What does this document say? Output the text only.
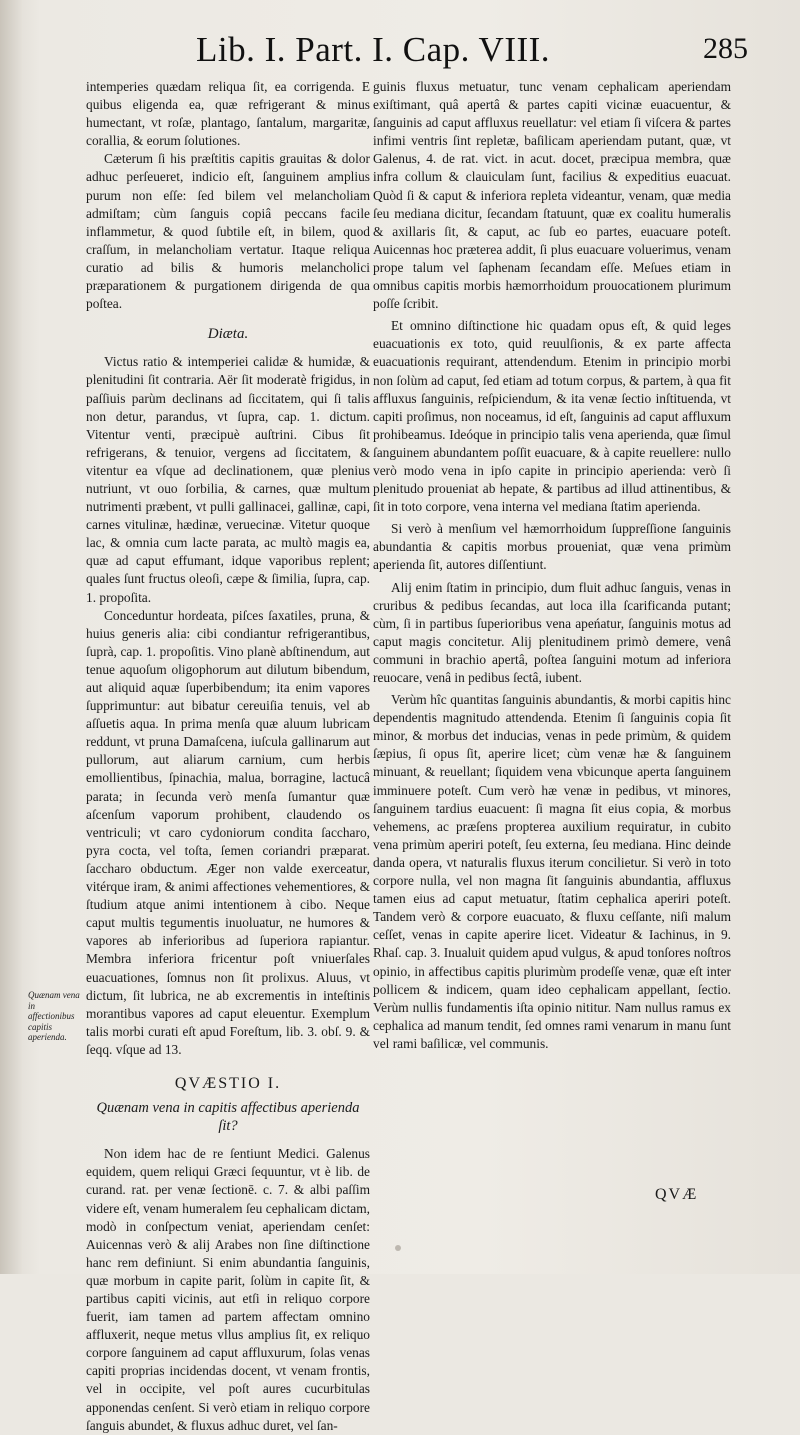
Lib. I. Part. I. Cap. VIII.	285

intemperies quædam reliqua ſit, ea corrigenda. E quibus eligenda ea, quæ refrigerant & minus humectant, vt roſæ, plantago, ſantalum, margaritæ, corallia, & eorum ſolutiones.

Cæterum ſi his præſtitis capitis grauitas & dolor adhuc perſeueret, indicio eſt, ſanguinem amplius purum non eſſe: ſed bilem vel melancholiam admiſtam; cùm ſanguis copiâ peccans facile inflammetur, & quod ſubtile eſt, in bilem, quod craſſum, in melancholiam vertatur. Itaque reliqua curatio ad bilis & humoris melancholici præparationem & purgationem dirigenda de qua poſtea.

Diæta.

Victus ratio & intemperiei calidæ & humidæ, & plenitudini ſit contraria. Aër ſit moderatè frigidus, in paſſiuis parùm declinans ad ſiccitatem, qui ſi talis non detur, parandus, vt ſupra, cap. 1. dictum. Vitentur venti, præcipuè auſtrini. Cibus ſit refrigerans, & tenuior, vergens ad ſiccitatem, & vitentur ea vſque ad declinationem, quæ plenius nutriunt, vt ouo ſorbilia, & carnes, quæ multum nutrimenti præbent, vt pulli gallinacei, gallinæ, capi, carnes vitulinæ, hædinæ, veruecinæ. Vitetur quoque lac, & omnia cum lacte parata, ac multò magis ea, quæ ad caput effumant, idque vaporibus replent; quales ſunt fructus oleoſi, cæpe & ſimilia, ſupra, cap. 1. propoſita.

Conceduntur hordeata, piſces ſaxatiles, pruna, & huius generis alia: cibi condiantur refrigerantibus, ſuprà, cap. 1. propoſitis. Vino planè abſtinendum, aut tenue aquoſum oligophorum aut dilutum bibendum, aut aliquid aquæ ſuperbibendum; ita enim vapores ſupprimuntur: aut bibatur cereuiſia tenuis, vel ab aſſuetis aqua. In prima menſa quæ aluum lubricam reddunt, vt pruna Damaſcena, iuſcula gallinarum aut pullorum, aut aliarum carnium, cum herbis emollientibus, ſpinachia, malua, borragine, lactucâ parata; in ſecunda verò menſa ſumantur quæ aſcenſum vaporum prohibent, claudendo os ventriculi; vt caro cydoniorum condita ſaccharo, pyra cocta, vel toſta, ſemen coriandri præparat. ſaccharo obductum. Æger non valde exerceatur, vitérque iram, & animi affectiones vehementiores, & ſtudium atque animi intentionem à cibo. Neque caput multis tegumentis inuoluatur, ne humores & vapores ab inferioribus ad ſuperiora rapiantur. Membra inferiora fricentur poſt vniuerſales euacuationes, ſomnus non ſit prolixus. Aluus, vt dictum, ſit lubrica, ne ab excrementis in inteſtinis morantibus vapores ad caput eleuentur. Exemplum talis morbi curati eſt apud Foreſtum, lib. 3. obſ. 9. & ſeqq. vſque ad 13.

QVÆSTIO I.

Quænam vena in capitis affectibus aperienda ſit?

Non idem hac de re ſentiunt Medici. Galenus equidem, quem reliqui Græci ſequuntur, vt è lib. de curand. rat. per venæ ſectionē. c. 7. & albi paſſim videre eſt, venam humeralem ſeu cephalicam dictam, modò in conſpectum veniat, aperiendam cenſet: Auicennas verò & alij Arabes non ſine diſtinctione hanc rem definiunt. Si enim abundantia ſanguinis, quæ morbum in capite parit, ſolùm in capite ſit, & partibus capiti vicinis, aut etſi in reliquo corpore fuerit, iam tamen ad partem affectam omnino affluxerit, neque metus vllus amplius ſit, ex reliquo corpore ſanguinem ad caput affluxurum, ſolas venas capiti proprias incidendas docent, vt venam frontis, vel in occipite, vel poſt aures cucurbitulas apponendas cenſent. Si verò etiam in reliquo corpore ſanguis abundet, & fluxus adhuc duret, vel ſan-

Quænam vena in affectionibus capitis aperienda.

guinis fluxus metuatur, tunc venam cephalicam aperiendam exiſtimant, quâ apertâ & partes capiti vicinæ euacuentur, & ſanguinis ad caput affluxus reuellatur: vel etiam ſi viſcera & partes infimi ventris ſint repletæ, baſilicam aperiendam putant, quæ, vt Galenus, 4. de rat. vict. in acut. docet, præcipua membra, quæ infra collum & clauiculam ſunt, facilius & expeditius euacuat. Quòd ſi & caput & inferiora repleta videantur, venam, quæ media ſeu mediana dicitur, ſecandam ſtatuunt, quæ ex coalitu humeralis & axillaris ſit, & caput, ac ſub eo partes, euacuare poteſt. Auicennas hoc præterea addit, ſi plus euacuare voluerimus, venam prope talum vel ſaphenam ſecandam eſſe. Meſues etiam in omnibus capitis morbis hæmorrhoidum prouocationem plurimum poſſe ſcribit.

Et omnino diſtinctione hic quadam opus eſt, & quid leges euacuationis ex toto, quid reuulſionis, & ex parte affecta euacuationis requirant, attendendum. Etenim in principio morbi non ſolùm ad caput, ſed etiam ad totum corpus, & partem, à qua fit affluxus ſanguinis, reſpiciendum, & ita venæ ſectio inſtituenda, vt capiti proſimus, non noceamus, id eſt, ſanguinis ad caput affluxum prohibeamus. Ideóque in principio talis vena aperienda, quæ ſimul ſanguinem abundantem poſſit euacuare, & à capite reuellere: nullo verò modo vena in ipſo capite in principio aperienda: verò ſi plenitudo proueniat ab hepate, & partibus ad illud attinentibus, & ſit in toto corpore, vena interna vel mediana ſtatim aperienda.

Si verò à menſium vel hæmorrhoidum ſuppreſſione ſanguinis abundantia & capitis morbus proueniat, quæ vena primùm aperienda ſit, autores diſſentiunt.

Alij enim ſtatim in principio, dum fluit adhuc ſanguis, venas in cruribus & pedibus ſecandas, aut loca illa ſcarificanda putant; cùm, ſi in partibus ſuperioribus vena apeńatur, ſanguinis motus ad caput magis concitetur. Alij plenitudinem primò demere, venâ communi in brachio apertâ, poſtea ſanguini motum ad inferiora reuocare, venâ in pedibus ſectâ, iubent.

Verùm hîc quantitas ſanguinis abundantis, & morbi capitis hinc dependentis magnitudo attendenda. Etenim ſi ſanguinis copia ſit minor, & morbus det inducias, venas in pede primùm, & quidem ſæpius, ſi opus ſit, aperire licet; cùm venæ hæ & ſanguinem minuant, & reuellant; ſiquidem vena vbicunque aperta ſanguinem imminuere poteſt. Cum verò hæ venæ in pedibus, vt minores, ſanguinem tardius euacuent: ſi magna ſit eius copia, & morbus vehemens, ac præſens propterea auxilium requiratur, in cubito vena primùm aperiri poteſt, ſeu externa, ſeu mediana. Hinc deinde danda opera, vt naturalis fluxus iterum concilietur. Si verò in toto corpore nulla, vel non magna ſit ſanguinis abundantia, affluxus tamen eius ad caput metuatur, ſtatim cephalica aperiri poteſt. Tandem verò & corpore euacuato, & fluxu ceſſante, niſi malum ceſſet, venas in capite aperire licet. Videatur & Iachinus, in 9. Rhaſ. cap. 3. Inualuit quidem apud vulgus, & apud tonſores noſtros opinio, in affectibus capitis plurimùm prodeſſe venæ, quæ eſt inter pollicem & indicem, quam ideo cephalicam appellant, ſectio. Verùm nullis fundamentis iſta opinio nititur. Nam nullus ramus ex cephalica ad manum tendit, ſed omnes rami venarum in manu ſunt vel rami baſilicæ, vel communis.

QVÆ
